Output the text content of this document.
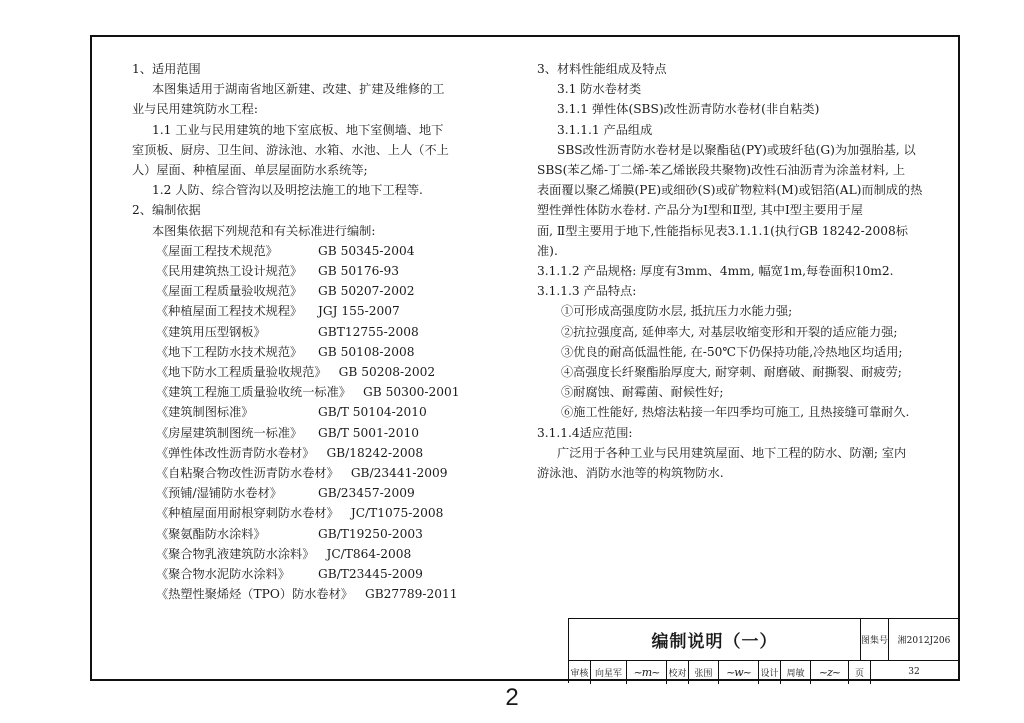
1、适用范围
本图集适用于湖南省地区新建、改建、扩建及维修的工
业与民用建筑防水工程:
1.1 工业与民用建筑的地下室底板、地下室侧墙、地下
室顶板、厨房、卫生间、游泳池、水箱、水池、上人（不上
人）屋面、种植屋面、单层屋面防水系统等;
1.2 人防、综合管沟以及明挖法施工的地下工程等.
2、编制依据
本图集依据下列规范和有关标准进行编制:
《屋面工程技术规范》	GB 50345-2004
《民用建筑热工设计规范》	GB 50176-93
《屋面工程质量验收规范》	GB 50207-2002
《种植屋面工程技术规程》	JGJ 155-2007
《建筑用压型钢板》	GBT12755-2008
《地下工程防水技术规范》	GB 50108-2008
《地下防水工程质量验收规范》 GB 50208-2002
《建筑工程施工质量验收统一标准》 GB 50300-2001
《建筑制图标准》	GB/T 50104-2010
《房屋建筑制图统一标准》	GB/T 5001-2010
《弹性体改性沥青防水卷材》 GB/18242-2008
《自粘聚合物改性沥青防水卷材》 GB/23441-2009
《预铺/湿铺防水卷材》	GB/23457-2009
《种植屋面用耐根穿刺防水卷材》 JC/T1075-2008
《聚氨酯防水涂料》	GB/T19250-2003
《聚合物乳液建筑防水涂料》 JC/T864-2008
《聚合物水泥防水涂料》	GB/T23445-2009
《热塑性聚烯烃（TPO）防水卷材》 GB27789-2011
3、材料性能组成及特点
3.1 防水卷材类
3.1.1 弹性体(SBS)改性沥青防水卷材(非自粘类)
3.1.1.1 产品组成
SBS改性沥青防水卷材是以聚酯毡(PY)或玻纤毡(G)为加强胎基, 以
SBS(苯乙烯-丁二烯-苯乙烯嵌段共聚物)改性石油沥青为涂盖材料, 上
表面覆以聚乙烯膜(PE)或细砂(S)或矿物粒料(M)或铝箔(AL)而制成的热
塑性弹性体防水卷材. 产品分为Ⅰ型和Ⅱ型, 其中Ⅰ型主要用于屋
面, Ⅱ型主要用于地下,性能指标见表3.1.1.1(执行GB 18242-2008标
准).
3.1.1.2 产品规格: 厚度有3mm、4mm, 幅宽1m,每卷面积10m2.
3.1.1.3 产品特点:
①可形成高强度防水层, 抵抗压力水能力强;
②抗拉强度高, 延伸率大, 对基层收缩变形和开裂的适应能力强;
③优良的耐高低温性能, 在-50℃下仍保持功能,冷热地区均适用;
④高强度长纤聚酯胎厚度大, 耐穿刺、耐磨破、耐撕裂、耐疲劳;
⑤耐腐蚀、耐霉菌、耐候性好;
⑥施工性能好, 热熔法粘接一年四季均可施工, 且热接缝可靠耐久.
3.1.1.4适应范围:
广泛用于各种工业与民用建筑屋面、地下工程的防水、防潮; 室内
游泳池、消防水池等的构筑物防水.
编制说明（一）	图集号	湘2012J206
审核 向星军	~m~	校对 张围	~w~	设计 周敏	~z~	页	32
2
